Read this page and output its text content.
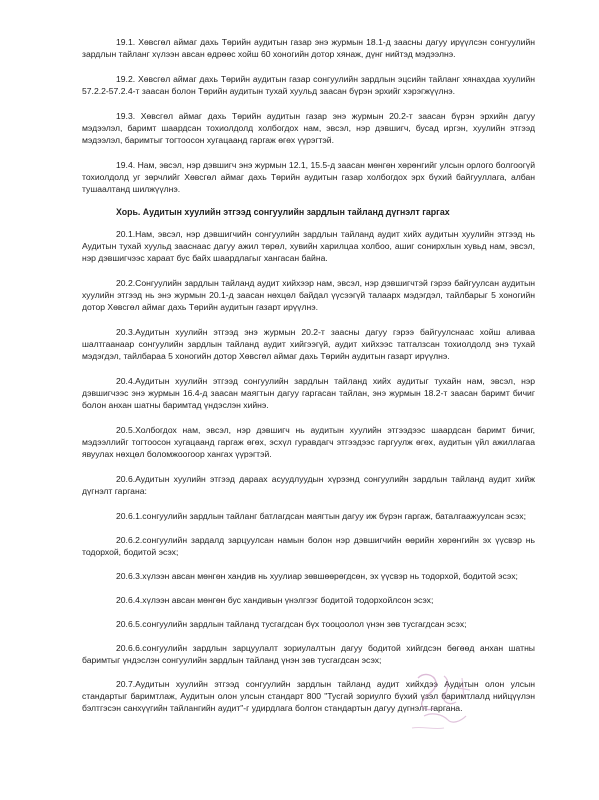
19.1. Хөвсгөл аймаг дахь Төрийн аудитын газар энэ журмын 18.1-д заасны дагуу ирүүлсэн сонгуулийн зардлын тайланг хүлээн авсан өдрөөс хойш 60 хоногийн дотор хянаж, дүнг нийтэд мэдээлнэ.

19.2. Хөвсгөл аймаг дахь Төрийн аудитын газар сонгуулийн зардлын эцсийн тайланг хянахдаа хуулийн 57.2.2-57.2.4-т заасан болон Төрийн аудитын тухай хуульд заасан бүрэн эрхийг хэрэгжүүлнэ.

19.3. Хөвсгөл аймаг дахь Төрийн аудитын газар энэ журмын 20.2-т заасан бүрэн эрхийн дагуу мэдээлэл, баримт шаардсан тохиолдолд холбогдох нам, эвсэл, нэр дэвшигч, бусад иргэн, хуулийн этгээд мэдээлэл, баримтыг тогтоосон хугацаанд гаргаж өгөх үүрэгтэй.

19.4. Нам, эвсэл, нэр дэвшигч энэ журмын 12.1, 15.5-д заасан мөнгөн хөрөнгийг улсын орлого болгоогүй тохиолдолд уг зөрчлийг Хөвсгөл аймаг дахь Төрийн аудитын газар холбогдох эрх бүхий байгууллага, албан тушаалтанд шилжүүлнэ.

Хорь. Аудитын хуулийн этгээд сонгуулийн зардлын тайланд дүгнэлт гаргах

20.1.Нам, эвсэл, нэр дэвшигчийн сонгуулийн зардлын тайланд аудит хийх аудитын хуулийн этгээд нь Аудитын тухай хуульд зааснаас дагуу ажил төрөл, хувийн харилцаа холбоо, ашиг сонирхлын хувьд нам, эвсэл, нэр дэвшигчээс хараат бус байх шаардлагыг хангасан байна.

20.2.Сонгуулийн зардлын тайланд аудит хийхээр нам, эвсэл, нэр дэвшигчтэй гэрээ байгуулсан аудитын хуулийн этгээд нь энэ журмын 20.1-д заасан нөхцөл байдал үүсээгүй талаарх мэдэгдэл, тайлбарыг 5 хоногийн дотор Хөвсгөл аймаг дахь Төрийн аудитын газарт ирүүлнэ.

20.3.Аудитын хуулийн этгээд энэ журмын 20.2-т заасны дагуу гэрээ байгуулснаас хойш аливаа шалтгаанаар сонгуулийн зардлын тайланд аудит хийгээгүй, аудит хийхээс татгалзсан тохиолдолд энэ тухай мэдэгдэл, тайлбараа 5 хоногийн дотор Хөвсгөл аймаг дахь Төрийн аудитын газарт ирүүлнэ.

20.4.Аудитын хуулийн этгээд сонгуулийн зардлын тайланд хийх аудитыг тухайн нам, эвсэл, нэр дэвшигчээс энэ журмын 16.4-д заасан маягтын дагуу гаргасан тайлан, энэ журмын 18.2-т заасан баримт бичиг болон анхан шатны баримтад үндэслэн хийнэ.

20.5.Холбогдох нам, эвсэл, нэр дэвшигч нь аудитын хуулийн этгээдээс шаардсан баримт бичиг, мэдээллийг тогтоосон хугацаанд гаргаж өгөх, эсхүл гуравдагч этгээдээс гаргуулж өгөх, аудитын үйл ажиллагаа явуулах нөхцөл боломжоогоор хангах үүрэгтэй.

20.6.Аудитын хуулийн этгээд дараах асуудлуудын хүрээнд сонгуулийн зардлын тайланд аудит хийж дүгнэлт гаргана:

20.6.1.сонгуулийн зардлын тайланг батлагдсан маягтын дагуу иж бүрэн гаргаж, баталгаажуулсан эсэх;

20.6.2.сонгуулийн зардалд зарцуулсан намын болон нэр дэвшигчийн өөрийн хөрөнгийн эх үүсвэр нь тодорхой, бодитой эсэх;

20.6.3.хүлээн авсан мөнгөн хандив нь хуулиар зөвшөөрөгдсөн, эх үүсвэр нь тодорхой, бодитой эсэх;

20.6.4.хүлээн авсан мөнгөн бус хандивын үнэлгээг бодитой тодорхойлсон эсэх;

20.6.5.сонгуулийн зардлын тайланд тусгагдсан бүх тооцоолол үнэн зөв тусгагдсан эсэх;

20.6.6.сонгуулийн зардлын зарцуулалт зориулалтын дагуу бодитой хийгдсэн бөгөөд анхан шатны баримтыг үндэслэн сонгуулийн зардлын тайланд үнэн зөв тусгагдсан эсэх;

20.7.Аудитын хуулийн этгээд сонгуулийн зардлын тайланд аудит хийхдээ Аудитын олон улсын стандартыг баримтлаж, Аудитын олон улсын стандарт 800 "Тусгай зориулго бүхий үзэл баримтлалд нийцүүлэн бэлтгэсэн санхүүгийн тайлангийн аудит"-г удирдлага болгон стандартын дагуу дүгнэлт гаргана.
